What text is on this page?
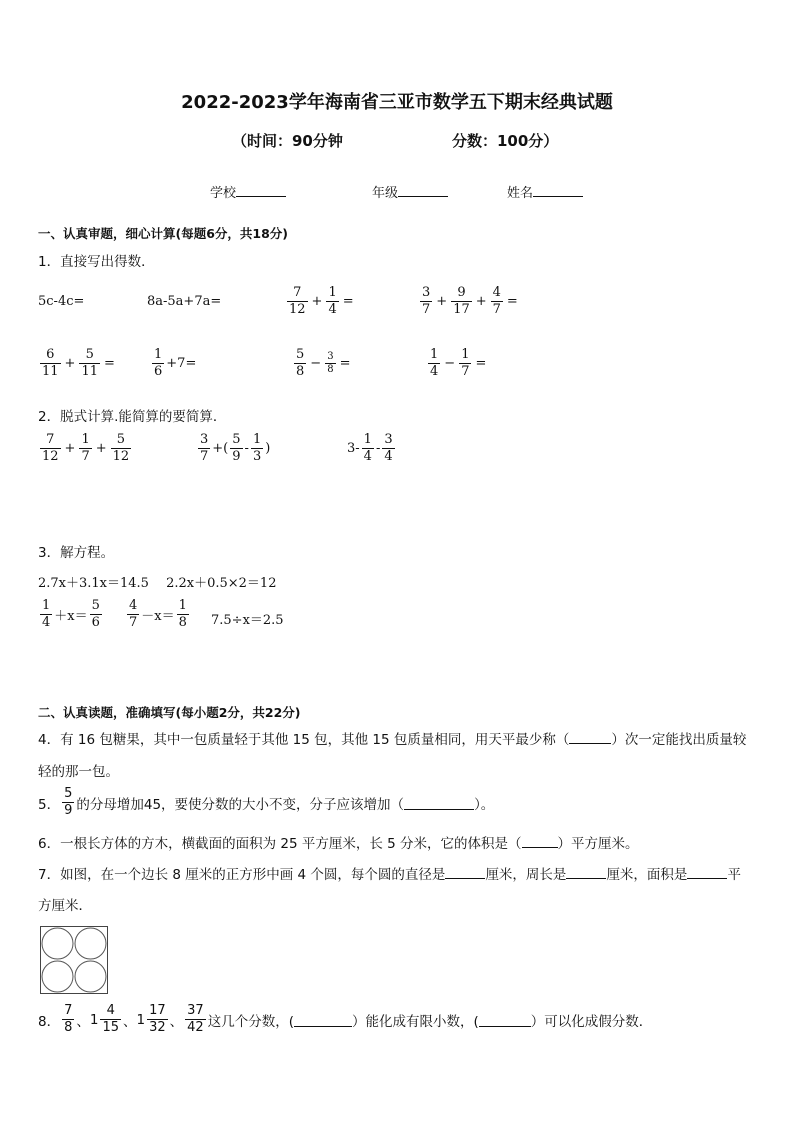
2022-2023学年海南省三亚市数学五下期末经典试题
（时间：90分钟	分数：100分）
学校	年级	姓名
一、认真审题，细心计算(每题6分，共18分)
1．直接写出得数．
5c-4c=	8a-5a+7a=	$\frac{7}{12} + \frac{1}{4}$ =	$\frac{3}{7} + \frac{9}{17} + \frac{4}{7}$ =
$\frac{6}{11} + \frac{5}{11}$ =	$\frac{1}{6} +7=$	$\frac{5}{8} - \frac{3}{8}$ =	$\frac{1}{4} - \frac{1}{7}$ =
2．脱式计算.能简算的要简算．
$\frac{7}{12} + \frac{1}{7} + \frac{5}{12}$	$\frac{3}{7}$ +( $\frac{5}{9} - \frac{1}{3}$ )	$3- \frac{1}{4} - \frac{3}{4}$
3．解方程。
2.7x＋3.1x＝14.5　 2.2x＋0.5×2＝12
$\frac{1}{4} +x= \frac{5}{6} \frac{4}{7} -x= \frac{1}{8} 7.5\div x=2.5$
二、认真读题，准确填写(每小题2分，共22分)
4．有 16 包糖果，其中一包质量轻于其他 15 包，其他 15 包质量相同，用天平最少称（	）次一定能找出质量较
轻的那一包。
5． $\frac{5}{9}$ 的分母增加45，要使分数的大小不变，分子应该增加（	）。
6．一根长方体的方木，横截面的面积为 25 平方厘米，长 5 分米，它的体积是（	）平方厘米。
7．如图，在一个边长 8 厘米的正方形中画 4 个圆，每个圆的直径是	厘米，周长是	厘米，面积是	平
方厘米．
8． $\frac{7}{8}$ 、 $1 \frac{4}{15}$ 、 $1 \frac{17}{32}$ 、 $\frac{37}{42}$ 这几个分数，(	）能化成有限小数，(	）可以化成假分数．
